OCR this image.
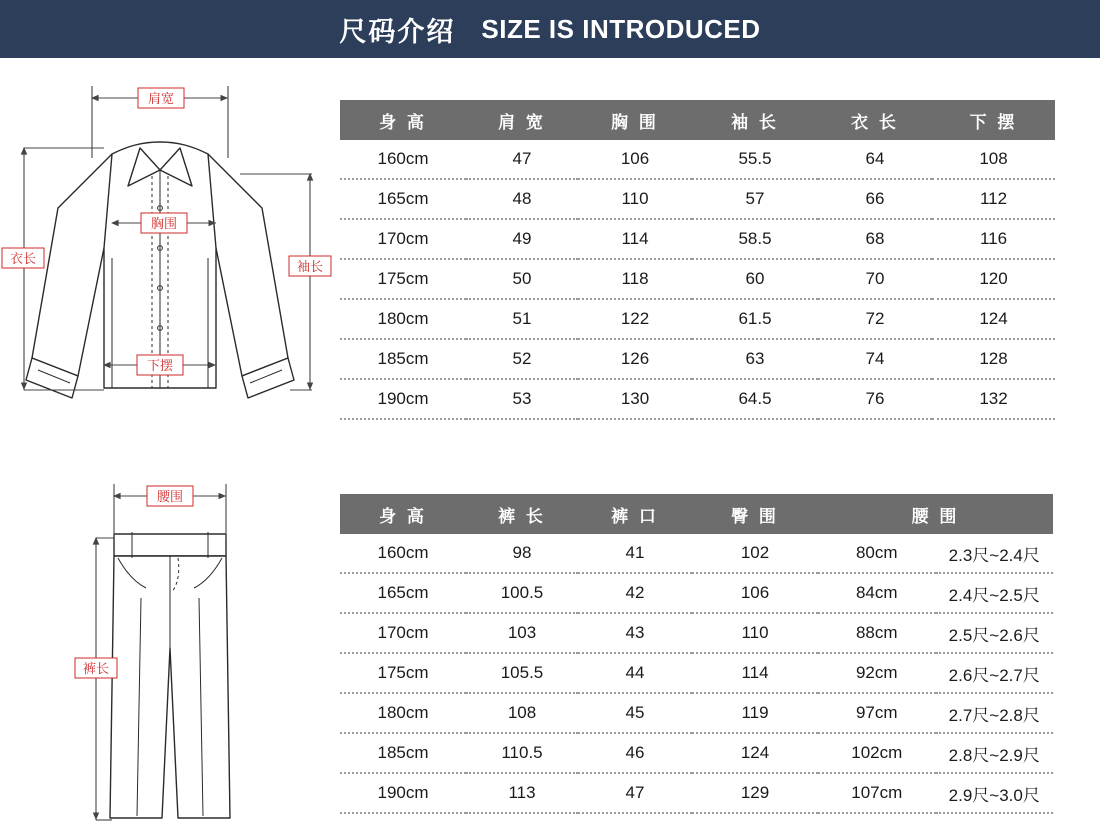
尺码介绍 SIZE IS INTRODUCED
肩宽
胸围
下摆
衣长
袖长
身 高	肩 宽	胸 围	袖 长	衣 长	下 摆
160cm	47	106	55.5	64	108
165cm	48	110	57	66	112
170cm	49	114	58.5	68	116
175cm	50	118	60	70	120
180cm	51	122	61.5	72	124
185cm	52	126	63	74	128
190cm	53	130	64.5	76	132
腰围
裤长
身 高	裤 长	裤 口	臀 围	腰 围	
160cm	98	41	102	80cm	2.3尺~2.4尺
165cm	100.5	42	106	84cm	2.4尺~2.5尺
170cm	103	43	110	88cm	2.5尺~2.6尺
175cm	105.5	44	114	92cm	2.6尺~2.7尺
180cm	108	45	119	97cm	2.7尺~2.8尺
185cm	110.5	46	124	102cm	2.8尺~2.9尺
190cm	113	47	129	107cm	2.9尺~3.0尺
